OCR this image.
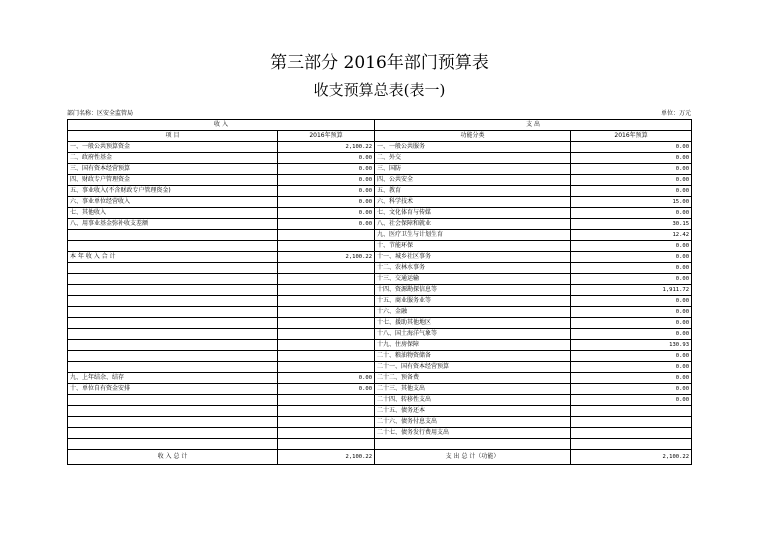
第三部分 2016年部门预算表
收支预算总表(表一)
部门名称：区安全监管局	单位：万元
收 入		支 出	
项 目	2016年预算	功能分类	2016年预算
一、一般公共预算资金	2,100.22	一、一般公共服务	0.00
二、政府性基金	0.00	二、外交	0.00
三、国有资本经营预算	0.00	三、国防	0.00
四、财政专户管理资金	0.00	四、公共安全	0.00
五、事业收入(不含财政专户管理资金)	0.00	五、教育	0.00
六、事业单位经营收入	0.00	六、科学技术	15.00
七、其他收入	0.00	七、文化体育与传媒	0.00
八、用事业基金弥补收支差额	0.00	八、社会保障和就业	30.15
		九、医疗卫生与计划生育	12.42
		十、节能环保	0.00
本 年 收 入 合 计	2,100.22	十一、城乡社区事务	0.00
		十二、农林水事务	0.00
		十三、交通运输	0.00
		十四、资源勘探信息等	1,911.72
		十五、商业服务业等	0.00
		十六、金融	0.00
		十七、援助其他地区	0.00
		十八、国土海洋气象等	0.00
		十九、住房保障	130.93
		二十、粮油物资储备	0.00
		二十一、国有资本经营预算	0.00
九、上年结余、结存	0.00	二十二、预备费	0.00
十、单位自有资金安排	0.00	二十三、其他支出	0.00
		二十四、转移性支出	0.00
		二十五、债务还本	
		二十六、债务付息支出	
		二十七、债务发行费用支出	

收 入 总 计	2,100.22	支 出 总 计（功能）	2,100.22
